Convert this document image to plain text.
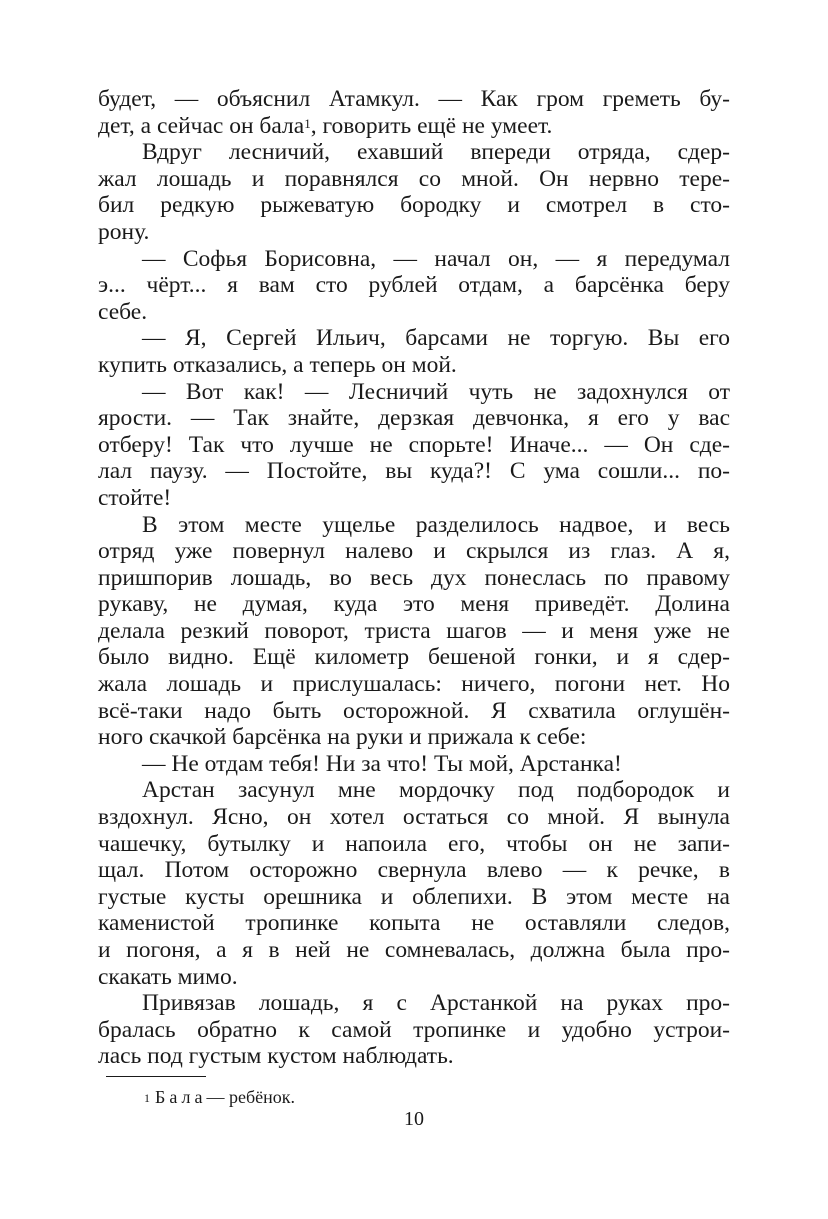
будет, — объяснил Атамкул. — Как гром греметь бу-
дет, а сейчас он бала$^1$, говорить ещё не умеет.
Вдруг лесничий, ехавший впереди отряда, сдер-
жал лошадь и поравнялся со мной. Он нервно тере-
бил редкую рыжеватую бородку и смотрел в сто-
рону.
— Софья Борисовна, — начал он, — я передумал
э... чёрт... я вам сто рублей отдам, а барсёнка беру
себе.
— Я, Сергей Ильич, барсами не торгую. Вы его
купить отказались, а теперь он мой.
— Вот как! — Лесничий чуть не задохнулся от
ярости. — Так знайте, дерзкая девчонка, я его у вас
отберу! Так что лучше не спорьте! Иначе... — Он сде-
лал паузу. — Постойте, вы куда?! С ума сошли... по-
стойте!
В этом месте ущелье разделилось надвое, и весь
отряд уже повернул налево и скрылся из глаз. А я,
пришпорив лошадь, во весь дух понеслась по правому
рукаву, не думая, куда это меня приведёт. Долина
делала резкий поворот, триста шагов — и меня уже не
было видно. Ещё километр бешеной гонки, и я сдер-
жала лошадь и прислушалась: ничего, погони нет. Но
всё-таки надо быть осторожной. Я схватила оглушён-
ного скачкой барсёнка на руки и прижала к себе:
— Не отдам тебя! Ни за что! Ты мой, Арстанка!
Арстан засунул мне мордочку под подбородок и
вздохнул. Ясно, он хотел остаться со мной. Я вынула
чашечку, бутылку и напоила его, чтобы он не запи-
щал. Потом осторожно свернула влево — к речке, в
густые кусты орешника и облепихи. В этом месте на
каменистой тропинке копыта не оставляли следов,
и погоня, а я в ней не сомневалась, должна была про-
скакать мимо.
Привязав лошадь, я с Арстанкой на руках про-
бралась обратно к самой тропинке и удобно устрои-
лась под густым кустом наблюдать.
$^1$ Бала— ребёнок.
10
